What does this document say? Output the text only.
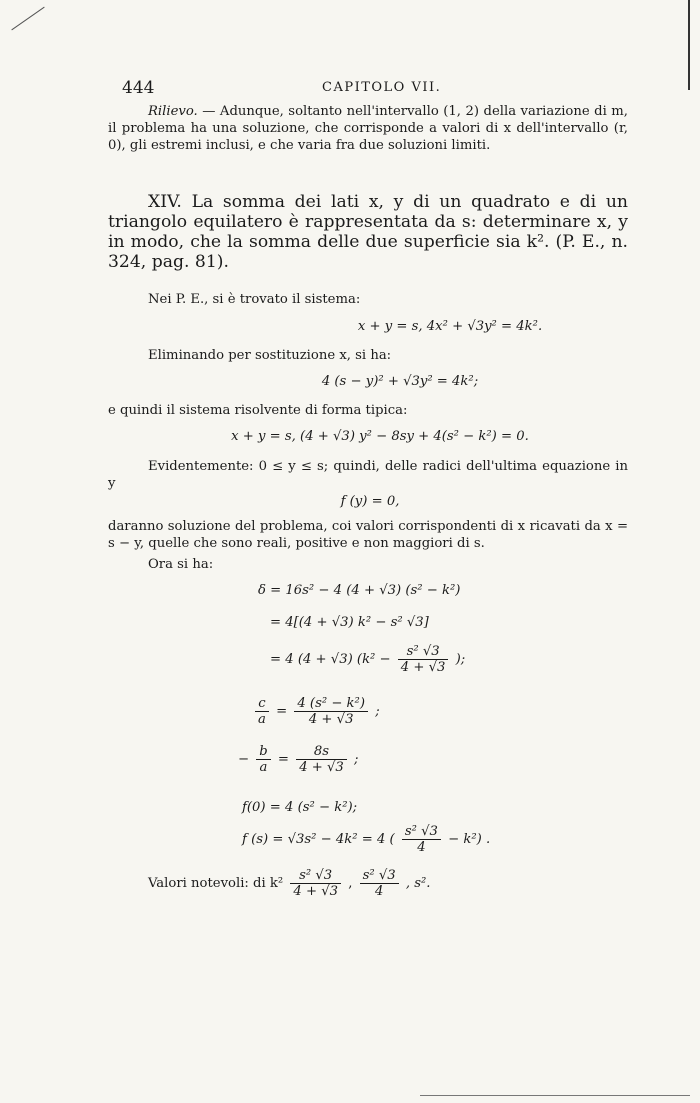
444	CAPITOLO VII.
Rilievo. — Adunque, soltanto nell'intervallo (1, 2) della variazione di m, il problema ha una soluzione, che corrisponde a valori di x dell'intervallo (r, 0), gli estremi inclusi, e che varia fra due soluzioni limiti.
XIV. La somma dei lati x, y di un quadrato e di un triangolo equilatero è rappresentata da s: determinare x, y in modo, che la somma delle due superficie sia k². (P. E., n. 324, pag. 81).
Nei P. E., si è trovato il sistema:
x + y = s, 4x² + √3y² = 4k².
Eliminando per sostituzione x, si ha:
4 (s − y)² + √3y² = 4k²;
e quindi il sistema risolvente di forma tipica:
x + y = s, (4 + √3) y² − 8sy + 4(s² − k²) = 0.
Evidentemente: 0 ≤ y ≤ s; quindi, delle radici dell'ultima equazione in y
f (y) = 0,
daranno soluzione del problema, coi valori corrispondenti di x ricavati da x = s − y, quelle che sono reali, positive e non maggiori di s.
Ora si ha:
δ = 16s² − 4 (4 + √3) (s² − k²)
= 4[(4 + √3) k² − s² √3]
= 4 (4 + √3) ($k^2 - \frac{\text{s² √3}}{4 + √3}$ );
$\frac{c}{a} = \frac{\text{4 (s² − k²)}}{4 + √3}$ ;
− $\frac{b}{a} = \frac{8s}{4 + √3}$ ;
f(0) = 4 (s² − k²);
f (s) = √3s² − 4k² = 4 ( $\frac{\text{s² √3}}{4} - k^2$) .
Valori notevoli: di $k^2 \frac{\text{s² √3}}{4 + √3}$ , $\frac{\text{s² √3}}{4}$ , s².
